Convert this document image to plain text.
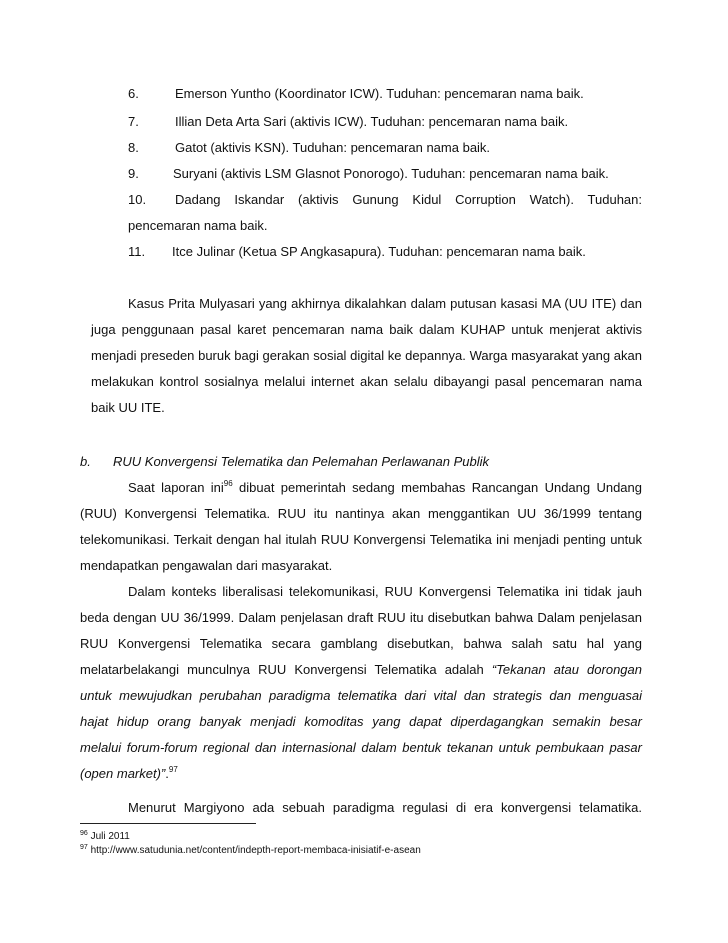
6.	Emerson Yuntho (Koordinator ICW). Tuduhan: pencemaran nama baik.
7.	Illian Deta Arta Sari (aktivis ICW). Tuduhan: pencemaran nama baik.
8.	Gatot (aktivis KSN). Tuduhan: pencemaran nama baik.
9.	Suryani (aktivis LSM Glasnot Ponorogo). Tuduhan: pencemaran nama baik.
10. Dadang Iskandar (aktivis Gunung Kidul Corruption Watch). Tuduhan:
pencemaran nama baik.
11. Itce Julinar (Ketua SP Angkasapura). Tuduhan: pencemaran nama baik.
Kasus Prita Mulyasari yang akhirnya dikalahkan dalam putusan kasasi MA (UU ITE) dan
juga penggunaan pasal karet pencemaran nama baik dalam KUHAP untuk menjerat aktivis
menjadi preseden buruk bagi gerakan sosial digital ke depannya. Warga masyarakat yang akan
melakukan kontrol sosialnya melalui internet akan selalu dibayangi pasal pencemaran nama
baik UU ITE.
b. RUU Konvergensi Telematika dan Pelemahan Perlawanan Publik
Saat laporan ini$^{96}$ dibuat pemerintah sedang membahas Rancangan Undang Undang
(RUU) Konvergensi Telematika. RUU itu nantinya akan menggantikan UU 36/1999 tentang
telekomunikasi. Terkait dengan hal itulah RUU Konvergensi Telematika ini menjadi penting untuk
mendapatkan pengawalan dari masyarakat.
Dalam konteks liberalisasi telekomunikasi, RUU Konvergensi Telematika ini tidak jauh
beda dengan UU 36/1999. Dalam penjelasan draft RUU itu disebutkan bahwa Dalam penjelasan
RUU Konvergensi Telematika secara gamblang disebutkan, bahwa salah satu hal yang
melatarbelakangi munculnya RUU Konvergensi Telematika adalah “Tekanan atau dorongan
untuk mewujudkan perubahan paradigma telematika dari vital dan strategis dan menguasai
hajat hidup orang banyak menjadi komoditas yang dapat diperdagangkan semakin besar
melalui forum-forum regional dan internasional dalam bentuk tekanan untuk pembukaan pasar
(open market)”.$^{97}$
Menurut Margiyono ada sebuah paradigma regulasi di era konvergensi telamatika.
$^{96}$ Juli 2011
$^{97}$ http://www.satudunia.net/content/indepth-report-membaca-inisiatif-e-asean
